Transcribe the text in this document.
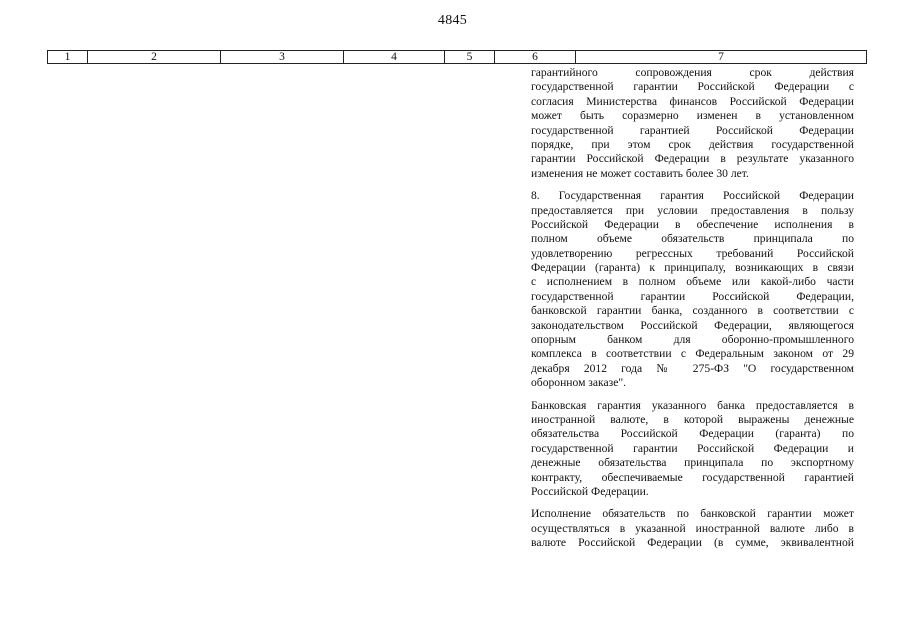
4845
1	2	3	4	5	6	7

гарантийного сопровождения срок действия
государственной гарантии Российской Федерации с
согласия Министерства финансов Российской Федерации
может быть соразмерно изменен в установленном
государственной гарантией Российской Федерации
порядке, при этом срок действия государственной
гарантии Российской Федерации в результате указанного
изменения не может составить более 30 лет.

8. Государственная гарантия Российской Федерации
предоставляется при условии предоставления в пользу
Российской Федерации в обеспечение исполнения в
полном объеме обязательств принципала по
удовлетворению регрессных требований Российской
Федерации (гаранта) к принципалу, возникающих в связи
с исполнением в полном объеме или какой-либо части
государственной гарантии Российской Федерации,
банковской гарантии банка, созданного в соответствии с
законодательством Российской Федерации, являющегося
опорным банком для оборонно-промышленного
комплекса в соответствии с Федеральным законом от 29
декабря 2012 года № 275-ФЗ "О государственном
оборонном заказе".

Банковская гарантия указанного банка предоставляется в
иностранной валюте, в которой выражены денежные
обязательства Российской Федерации (гаранта) по
государственной гарантии Российской Федерации и
денежные обязательства принципала по экспортному
контракту, обеспечиваемые государственной гарантией
Российской Федерации.

Исполнение обязательств по банковской гарантии может
осуществляться в указанной иностранной валюте либо в
валюте Российской Федерации (в сумме, эквивалентной
